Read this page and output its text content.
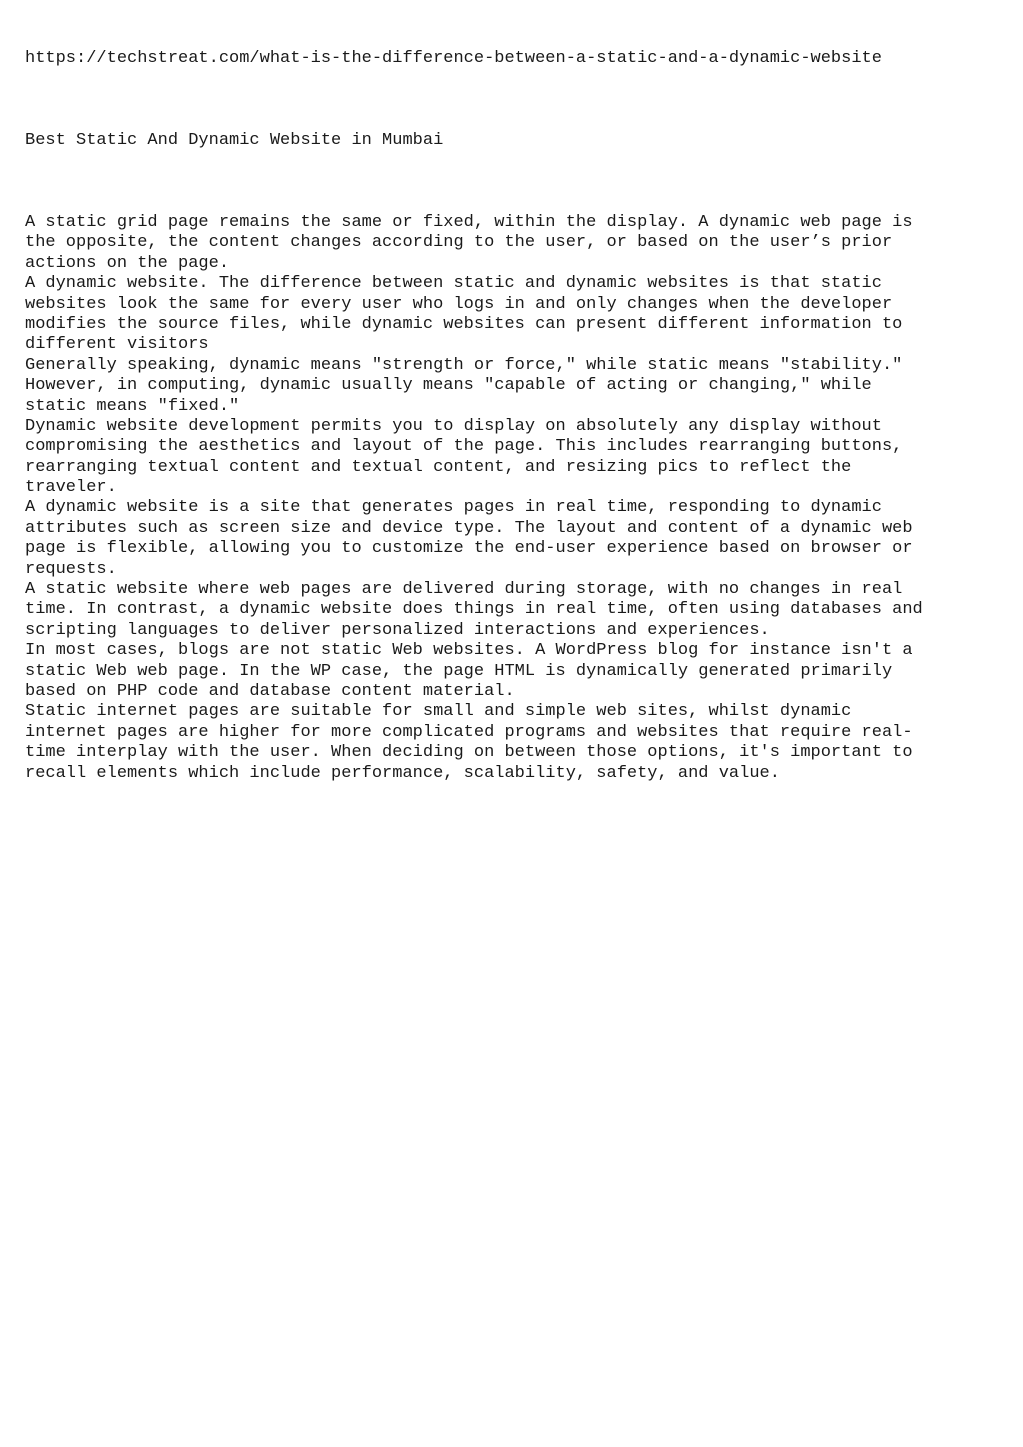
https://techstreat.com/what-is-the-difference-between-a-static-and-a-dynamic-website
Best Static And Dynamic Website in Mumbai
A static grid page remains the same or fixed, within the display. A dynamic web page is
the opposite, the content changes according to the user, or based on the user’s prior
actions on the page.
A dynamic website. The difference between static and dynamic websites is that static
websites look the same for every user who logs in and only changes when the developer
modifies the source files, while dynamic websites can present different information to
different visitors
Generally speaking, dynamic means "strength or force," while static means "stability."
However, in computing, dynamic usually means "capable of acting or changing," while
static means "fixed."
Dynamic website development permits you to display on absolutely any display without
compromising the aesthetics and layout of the page. This includes rearranging buttons,
rearranging textual content and textual content, and resizing pics to reflect the
traveler.
A dynamic website is a site that generates pages in real time, responding to dynamic
attributes such as screen size and device type. The layout and content of a dynamic web
page is flexible, allowing you to customize the end-user experience based on browser or
requests.
A static website where web pages are delivered during storage, with no changes in real
time. In contrast, a dynamic website does things in real time, often using databases and
scripting languages to deliver personalized interactions and experiences.
In most cases, blogs are not static Web websites. A WordPress blog for instance isn't a
static Web web page. In the WP case, the page HTML is dynamically generated primarily
based on PHP code and database content material.
Static internet pages are suitable for small and simple web sites, whilst dynamic
internet pages are higher for more complicated programs and websites that require real-
time interplay with the user. When deciding on between those options, it's important to
recall elements which include performance, scalability, safety, and value.
